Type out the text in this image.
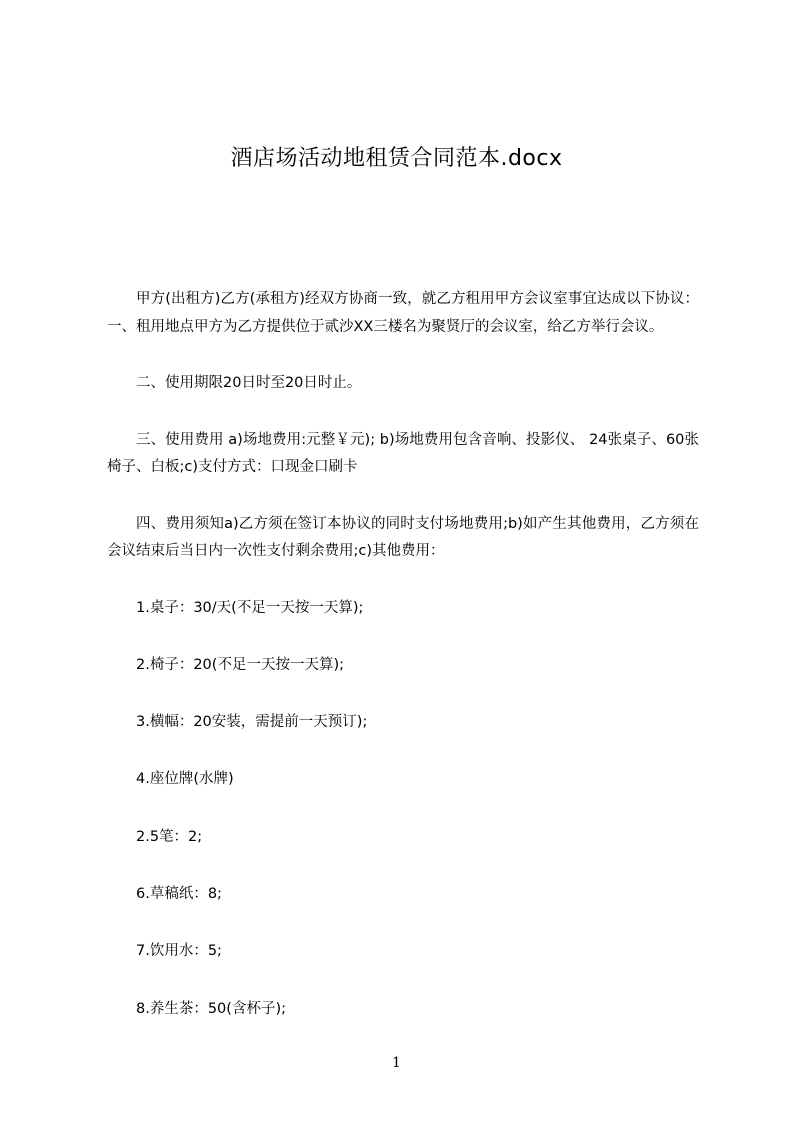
酒店场活动地租赁合同范本.docx

甲方(出租方)乙方(承租方)经双方协商一致，就乙方租用甲方会议室事宜达成以下协议：一、租用地点甲方为乙方提供位于贰沙XX三楼名为聚贤厅的会议室，给乙方举行会议。

二、使用期限20日时至20日时止。

三、使用费用 a)场地费用:元整￥元); b)场地费用包含音响、投影仪、 24张桌子、60张椅子、白板;c)支付方式：口现金口刷卡

四、费用须知a)乙方须在签订本协议的同时支付场地费用;b)如产生其他费用，乙方须在会议结束后当日内一次性支付剩余费用;c)其他费用：

1.桌子：30/天(不足一天按一天算);
2.椅子：20(不足一天按一天算);
3.横幅：20安装，需提前一天预订);
4.座位牌(水牌)
2.5笔：2;
6.草稿纸：8;
7.饮用水：5;
8.养生茶：50(含杯子);
1
